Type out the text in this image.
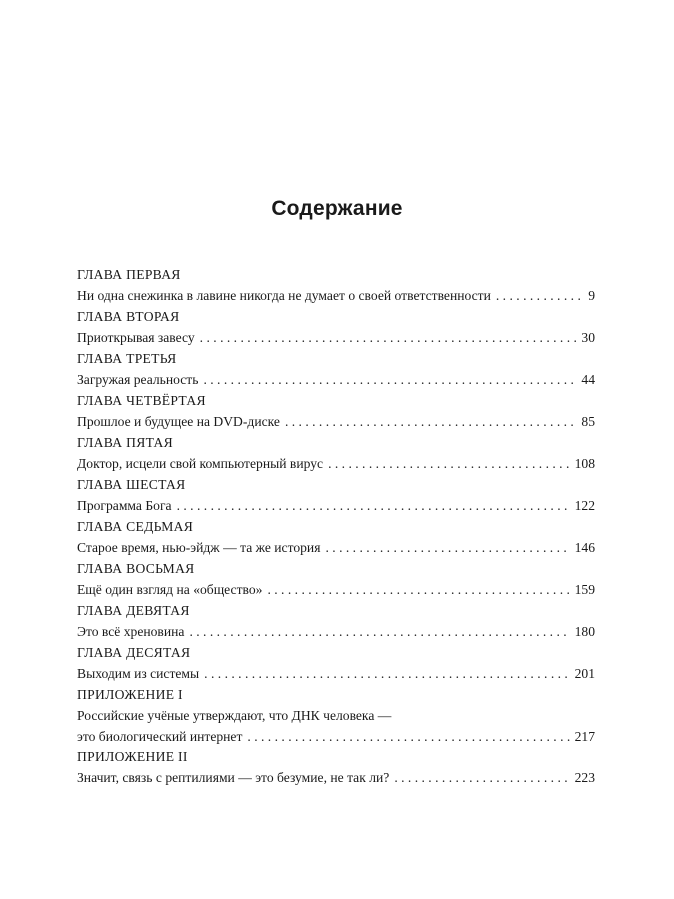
Содержание
ГЛАВА ПЕРВАЯ
Ни одна снежинка в лавине никогда не думает о своей ответственности . . .	9
ГЛАВА ВТОРАЯ
Приоткрывая завесу . . .	30
ГЛАВА ТРЕТЬЯ
Загружая реальность . . .	44
ГЛАВА ЧЕТВЁРТАЯ
Прошлое и будущее на DVD-диске . . .	85
ГЛАВА ПЯТАЯ
Доктор, исцели свой компьютерный вирус . . .	108
ГЛАВА ШЕСТАЯ
Программа Бога . . .	122
ГЛАВА СЕДЬМАЯ
Старое время, нью-эйдж — та же история . . .	146
ГЛАВА ВОСЬМАЯ
Ещё один взгляд на «общество» . . .	159
ГЛАВА ДЕВЯТАЯ
Это всё хреновина . . .	180
ГЛАВА ДЕСЯТАЯ
Выходим из системы . . .	201
ПРИЛОЖЕНИЕ I
Российские учёные утверждают, что ДНК человека —
это биологический интернет . . .	217
ПРИЛОЖЕНИЕ II
Значит, связь с рептилиями — это безумие, не так ли? . . .	223
